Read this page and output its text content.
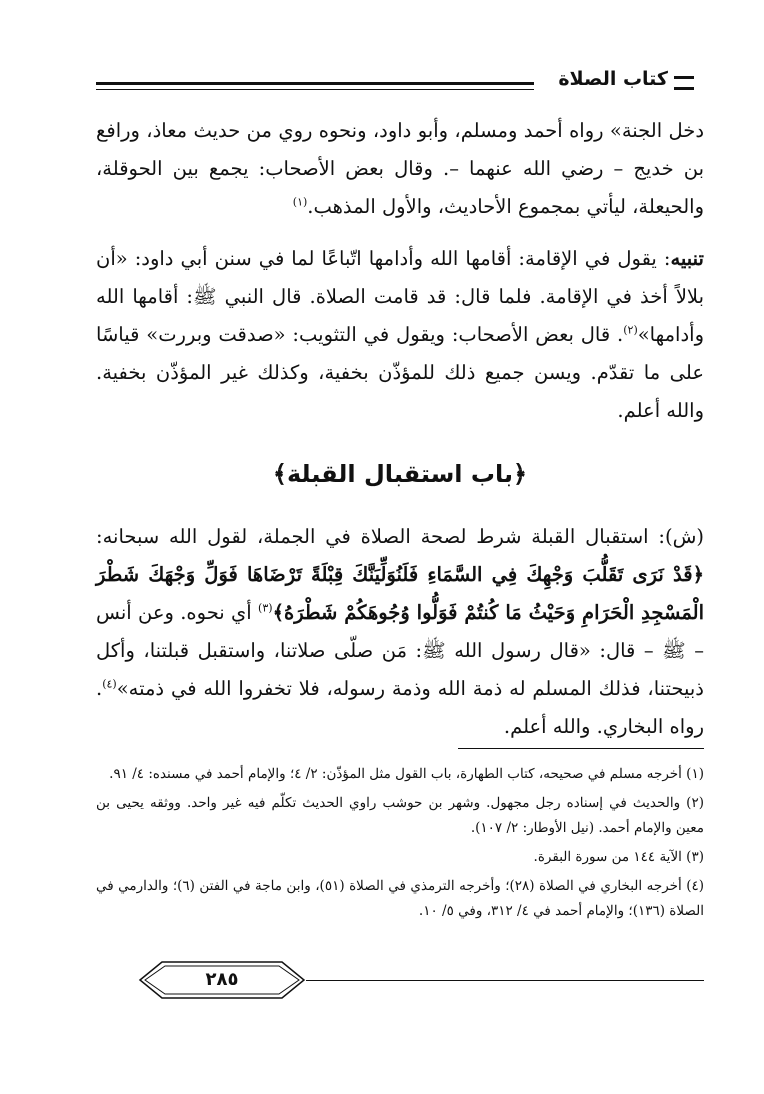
كتاب الصلاة

دخل الجنة» رواه أحمد ومسلم، وأبو داود، ونحوه روي من حديث معاذ، ورافع بن خديج – رضي الله عنهما –. وقال بعض الأصحاب: يجمع بين الحوقلة، والحيعلة، ليأتي بمجموع الأحاديث، والأول المذهب.$^{(١)}$

تنبيه: يقول في الإقامة: أقامها الله وأدامها اتّباعًا لما في سنن أبي داود: «أن بلالاً أخذ في الإقامة. فلما قال: قد قامت الصلاة. قال النبي ﷺ: أقامها الله وأدامها»$^{(٢)}$. قال بعض الأصحاب: ويقول في التثويب: «صدقت وبررت» قياسًا على ما تقدّم. ويسن جميع ذلك للمؤذّن بخفية، وكذلك غير المؤذّن بخفية. والله أعلم.

﴿باب استقبال القبلة﴾

(ش): استقبال القبلة شرط لصحة الصلاة في الجملة، لقول الله سبحانه: ﴿قَدْ نَرَى تَقَلُّبَ وَجْهِكَ فِي السَّمَاءِ فَلَنُوَلِّيَنَّكَ قِبْلَةً تَرْضَاهَا فَوَلِّ وَجْهَكَ شَطْرَ الْمَسْجِدِ الْحَرَامِ وَحَيْثُ مَا كُنتُمْ فَوَلُّوا وُجُوهَكُمْ شَطْرَهُ﴾$^{(٣)}$ أي نحوه. وعن أنس – ﷺ – قال: «قال رسول الله ﷺ: مَن صلّى صلاتنا، واستقبل قبلتنا، وأكل ذبيحتنا، فذلك المسلم له ذمة الله وذمة رسوله، فلا تخفروا الله في ذمته»$^{(٤)}$. رواه البخاري. والله أعلم.

(١) أخرجه مسلم في صحيحه، كتاب الطهارة، باب القول مثل المؤذّن: ٢/ ٤؛ والإمام أحمد في مسنده: ٤/ ٩١.

(٢) والحديث في إسناده رجل مجهول. وشهر بن حوشب راوي الحديث تكلّم فيه غير واحد. ووثقه يحيى بن معين والإمام أحمد. (نيل الأوطار: ٢/ ١٠٧).

(٣) الآية ١٤٤ من سورة البقرة.

(٤) أخرجه البخاري في الصلاة (٢٨)؛ وأخرجه الترمذي في الصلاة (٥١)، وابن ماجة في الفتن (٦)؛ والدارمي في الصلاة (١٣٦)؛ والإمام أحمد في ٤/ ٣١٢، وفي ٥/ ١٠.

٢٨٥
